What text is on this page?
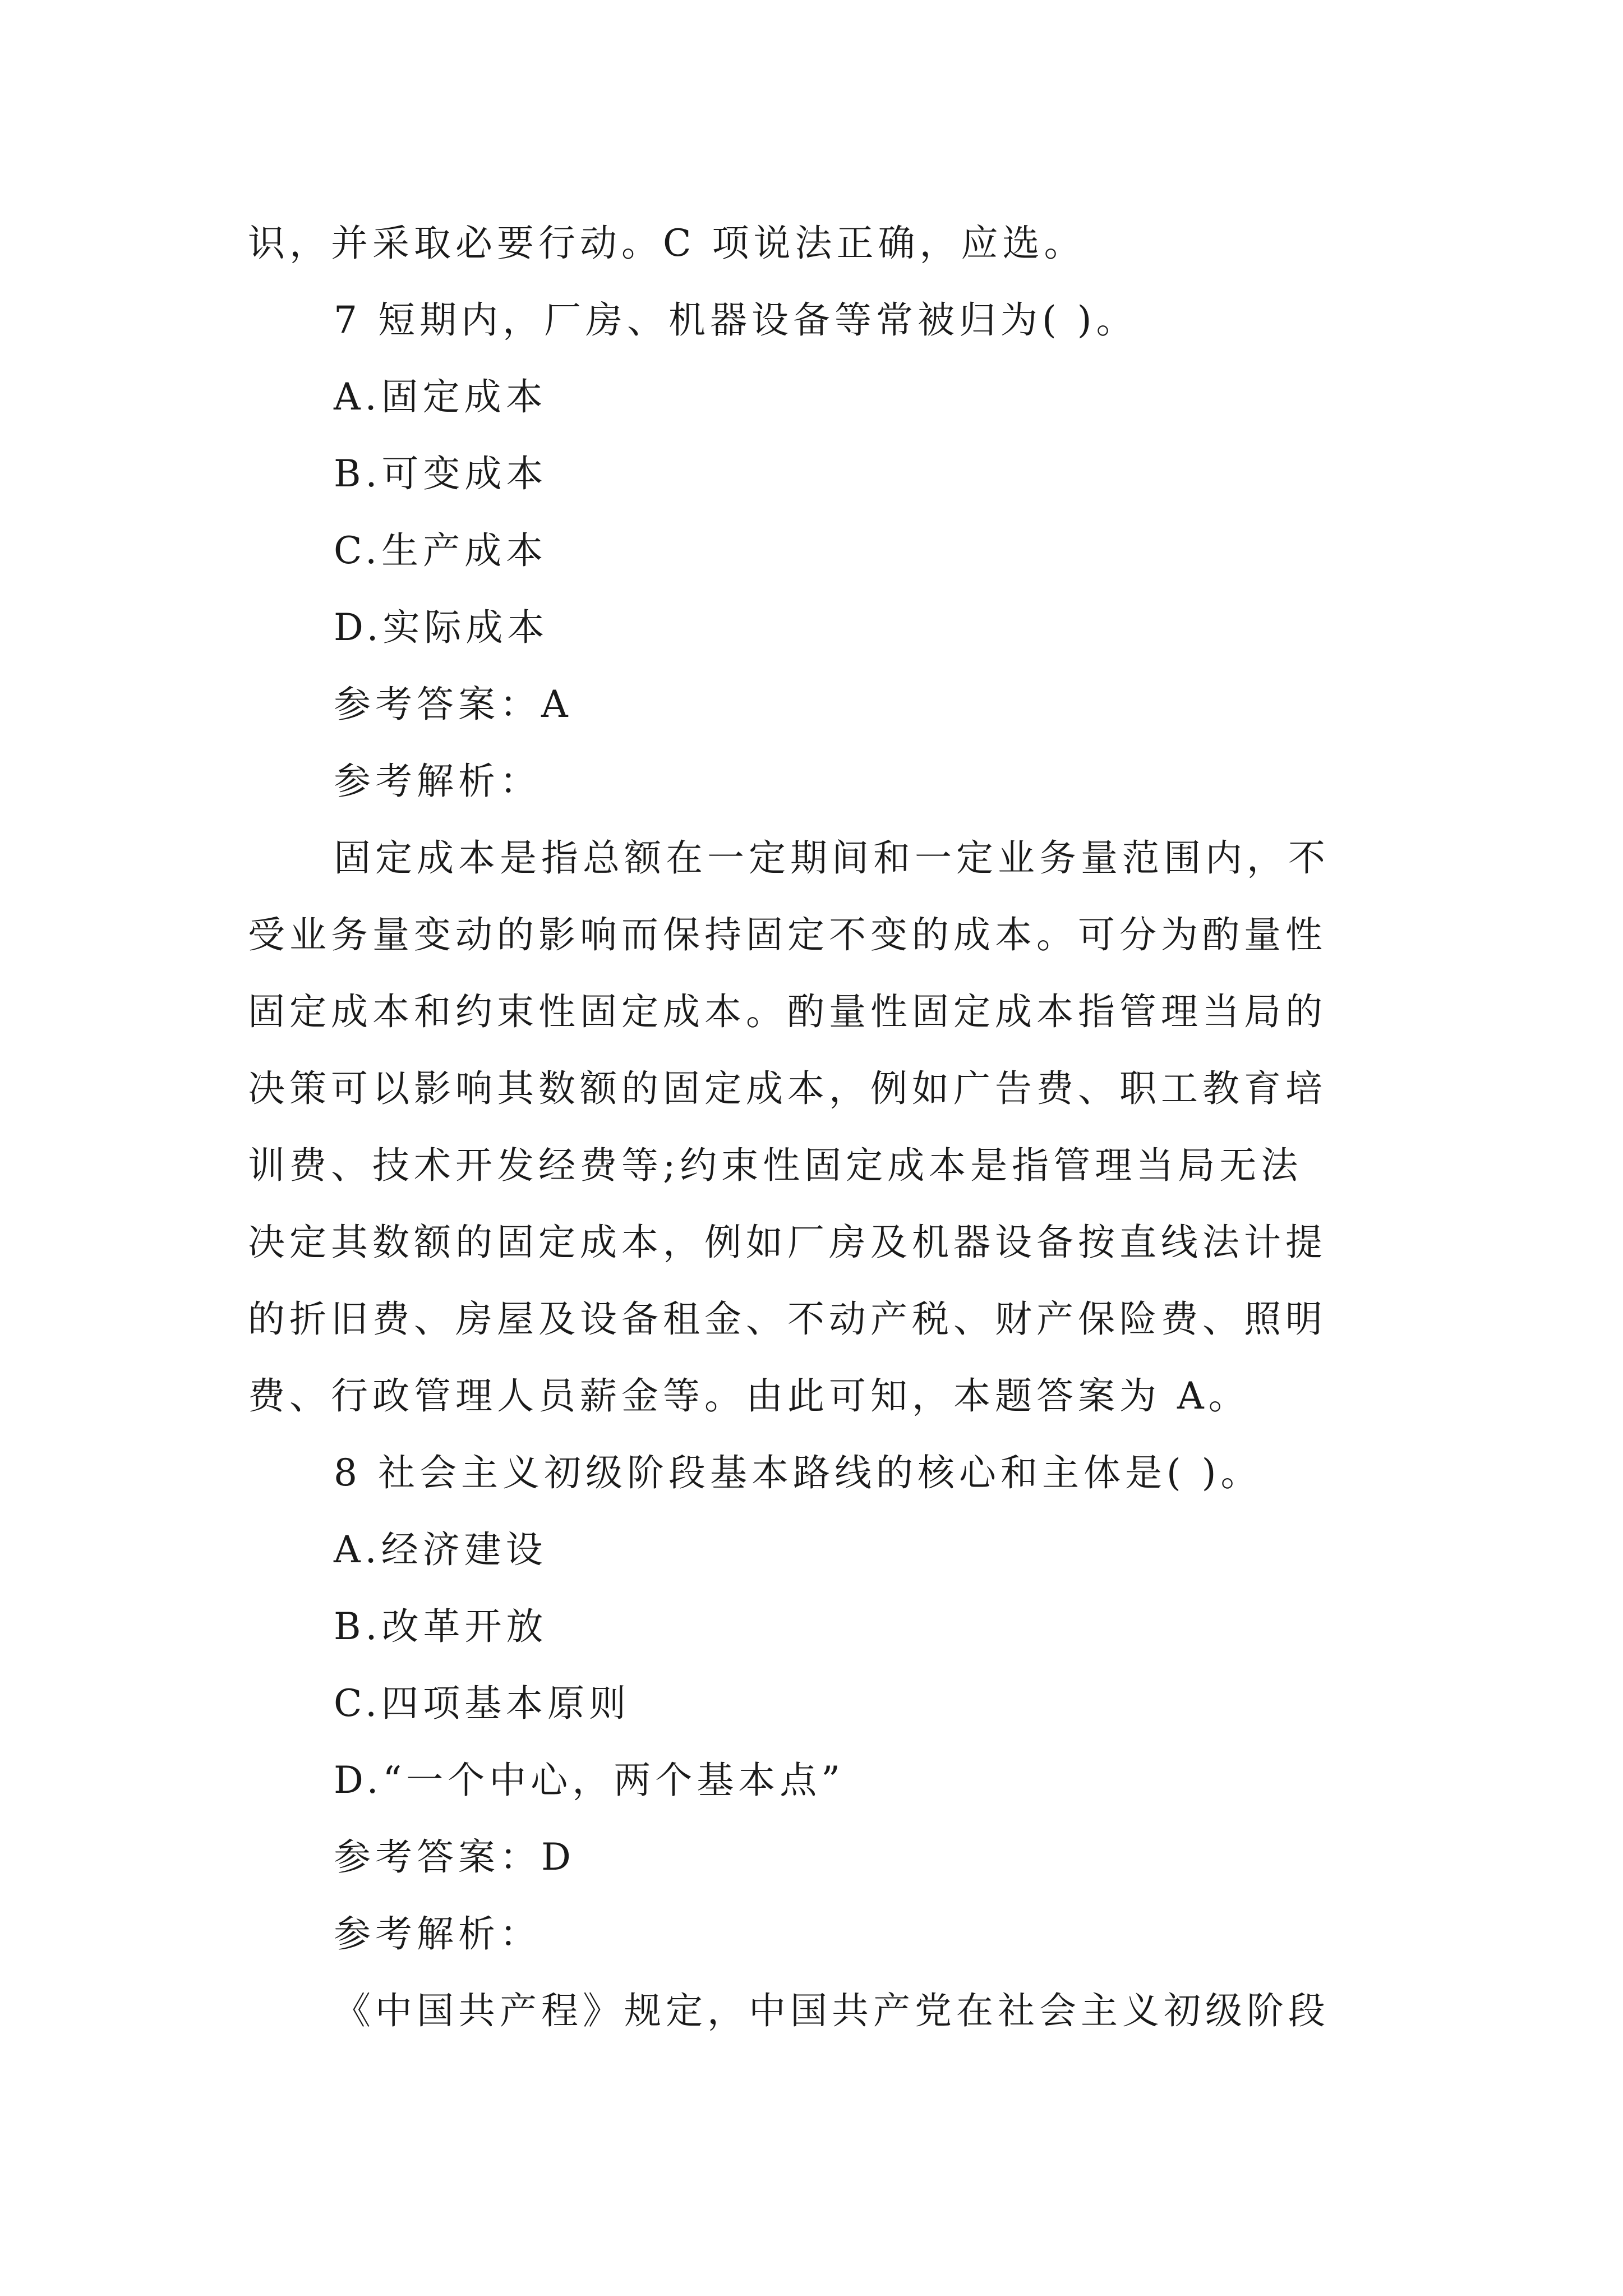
识，并采取必要行动。C 项说法正确，应选。
7 短期内，厂房、机器设备等常被归为( )。
A.固定成本
B.可变成本
C.生产成本
D.实际成本
参考答案：A
参考解析：
固定成本是指总额在一定期间和一定业务量范围内，不
受业务量变动的影响而保持固定不变的成本。可分为酌量性
固定成本和约束性固定成本。酌量性固定成本指管理当局的
决策可以影响其数额的固定成本，例如广告费、职工教育培
训费、技术开发经费等;约束性固定成本是指管理当局无法
决定其数额的固定成本，例如厂房及机器设备按直线法计提
的折旧费、房屋及设备租金、不动产税、财产保险费、照明
费、行政管理人员薪金等。由此可知，本题答案为 A。
8 社会主义初级阶段基本路线的核心和主体是( )。
A.经济建设
B.改革开放
C.四项基本原则
D.“一个中心，两个基本点”
参考答案：D
参考解析：
《中国共产程》规定，中国共产党在社会主义初级阶段
